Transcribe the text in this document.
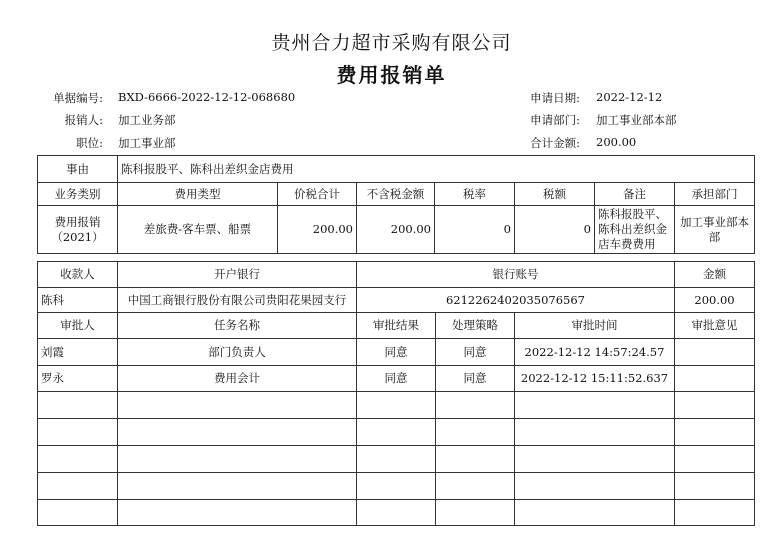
贵州合力超市采购有限公司
费用报销单
单据编号: BXD-6666-2022-12-12-068680
报销人: 加工业务部
职位: 加工事业部
申请日期: 2022-12-12
申请部门: 加工事业部本部
合计金额: 200.00
事由	陈科报股平、陈科出差织金店费用						
业务类别	费用类型	价税合计	不含税金额	税率	税额	备注	承担部门
费用报销（2021）	差旅费-客车票、船票	200.00	200.00	0	0	陈科报股平、陈科出差织金店车费费用	加工事业部本部
收款人	开户银行	银行账号	金额
陈科	中国工商银行股份有限公司贵阳花果园支行	6212262402035076567	200.00
审批人	任务名称	审批结果	处理策略	审批时间	审批意见
刘霞	部门负责人	同意	同意	2022-12-12 14:57:24.57	
罗永	费用会计	同意	同意	2022-12-12 15:11:52.637	
